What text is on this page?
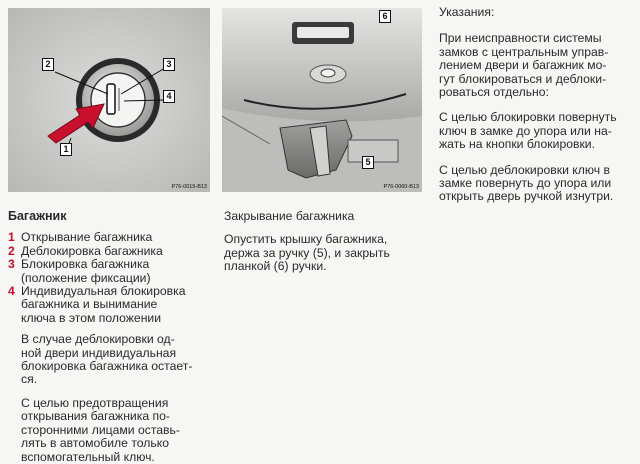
2	3
4
1
P76-0019-B13
6
5
P76-0060-B13
Указания:

При неисправности системы
замков с центральным управ-
лением двери и багажник мо-
гут блокироваться и деблоки-
роваться отдельно:

С целью блокировки повернуть
ключ в замке до упора или на-
жать на кнопки блокировки.

С целью деблокировки ключ в
замке повернуть до упора или
открыть дверь ручкой изнутри.

Багажник
1 Открывание багажника
2 Деблокировка багажника
3 Блокировка багажника
(положение фиксации)
4 Индивидуальная блокировка
багажника и вынимание
ключа в этом положении

В случае деблокировки од-
ной двери индивидуальная
блокировка багажника остает-
ся.

С целью предотвращения
открывания багажника по-
сторонними лицами оставь-
лять в автомобиле только
вспомогательный ключ.

Закрывание багажника

Опустить крышку багажника,
держа за ручку (5), и закрыть
планкой (6) ручки.
